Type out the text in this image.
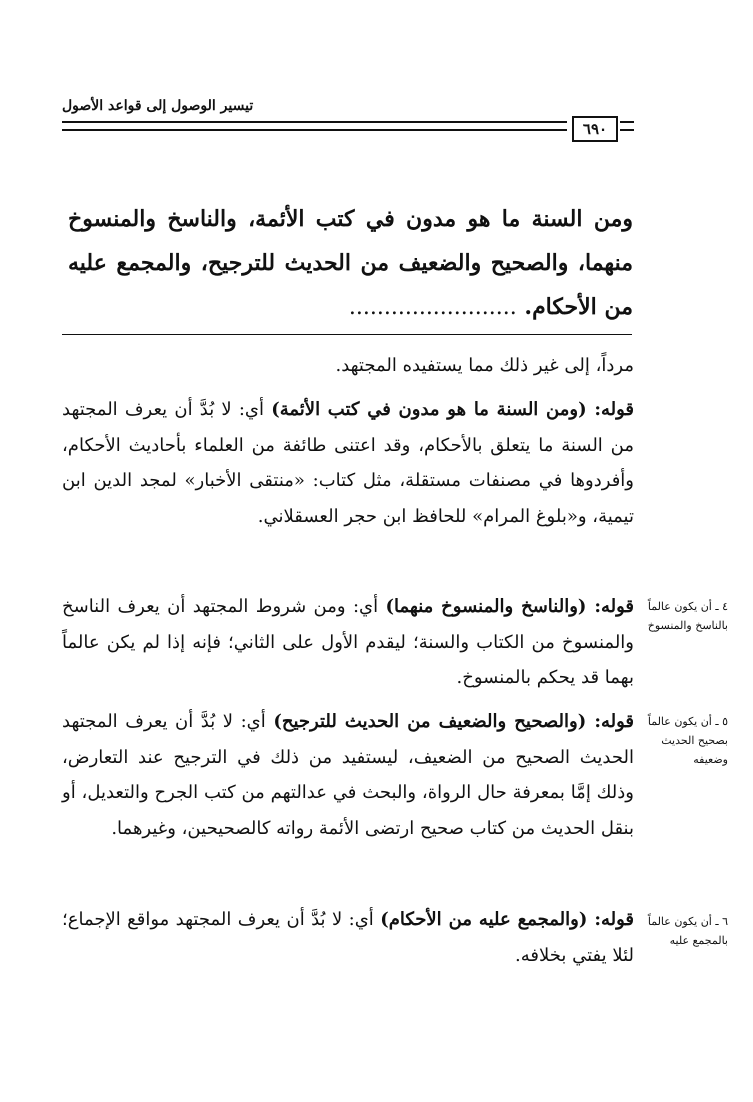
تيسير الوصول إلى قواعد الأصول
٦٩٠
ومن السنة ما هو مدون في كتب الأئمة، والناسخ والمنسوخ منهما، والصحيح والضعيف من الحديث للترجيح، والمجمع عليه من الأحكام. ........................
مرداً، إلى غير ذلك مما يستفيده المجتهد.
قوله: (ومن السنة ما هو مدون في كتب الأئمة) أي: لا بُدَّ أن يعرف المجتهد من السنة ما يتعلق بالأحكام، وقد اعتنى طائفة من العلماء بأحاديث الأحكام، وأفردوها في مصنفات مستقلة، مثل كتاب: «منتقى الأخبار» لمجد الدين ابن تيمية، و«بلوغ المرام» للحافظ ابن حجر العسقلاني.
قوله: (والناسخ والمنسوخ منهما) أي: ومن شروط المجتهد أن يعرف الناسخ والمنسوخ من الكتاب والسنة؛ ليقدم الأول على الثاني؛ فإنه إذا لم يكن عالماً بهما قد يحكم بالمنسوخ.
٤ ـ أن يكون عالماً بالناسخ والمنسوخ
قوله: (والصحيح والضعيف من الحديث للترجيح) أي: لا بُدَّ أن يعرف المجتهد الحديث الصحيح من الضعيف، ليستفيد من ذلك في الترجيح عند التعارض، وذلك إمَّا بمعرفة حال الرواة، والبحث في عدالتهم من كتب الجرح والتعديل، أو بنقل الحديث من كتاب صحيح ارتضى الأئمة رواته كالصحيحين، وغيرهما.
٥ ـ أن يكون عالماً بصحيح الحديث وضعيفه
قوله: (والمجمع عليه من الأحكام) أي: لا بُدَّ أن يعرف المجتهد مواقع الإجماع؛ لئلا يفتي بخلافه.
٦ ـ أن يكون عالماً بالمجمع عليه
